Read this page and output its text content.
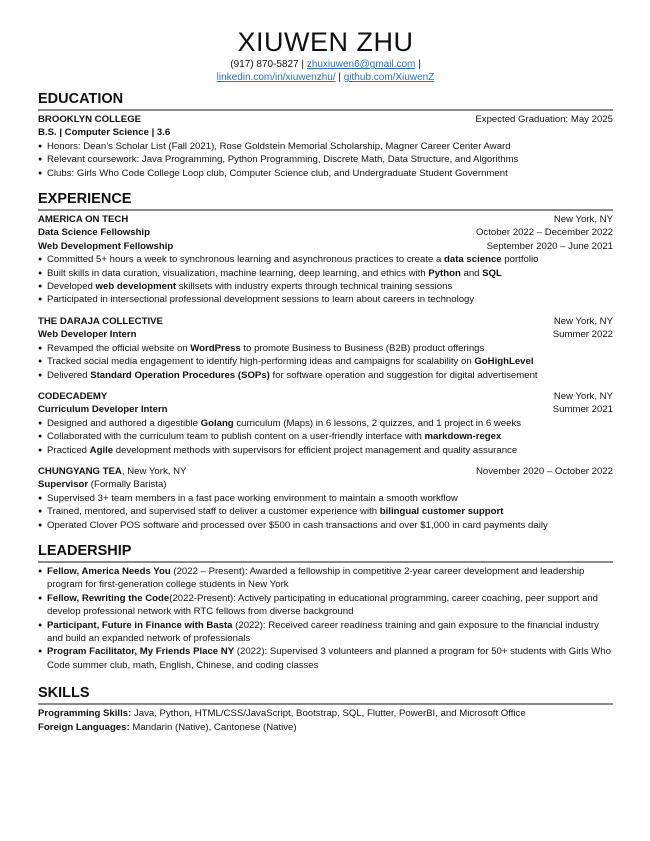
XIUWEN ZHU
(917) 870-5827 | zhuxiuwen6@gmail.com |
linkedin.com/in/xiuwenzhu/ | github.com/XiuwenZ
EDUCATION
BROOKLYN COLLEGE	Expected Graduation: May 2025
B.S. | Computer Science | 3.6
● Honors: Dean’s Scholar List (Fall 2021), Rose Goldstein Memorial Scholarship, Magner Career Center Award
● Relevant coursework: Java Programming, Python Programming, Discrete Math, Data Structure, and Algorithms
● Clubs: Girls Who Code College Loop club, Computer Science club, and Undergraduate Student Government
EXPERIENCE
AMERICA ON TECH	New York, NY
Data Science Fellowship	October 2022 – December 2022
Web Development Fellowship	September 2020 – June 2021
● Committed 5+ hours a week to synchronous learning and asynchronous practices to create a data science portfolio
● Built skills in data curation, visualization, machine learning, deep learning, and ethics with Python and SQL
● Developed web development skillsets with industry experts through technical training sessions
● Participated in intersectional professional development sessions to learn about careers in technology
THE DARAJA COLLECTIVE	New York, NY
Web Developer Intern	Summer 2022
● Revamped the official website on WordPress to promote Business to Business (B2B) product offerings
● Tracked social media engagement to identify high-performing ideas and campaigns for scalability on GoHighLevel
● Delivered Standard Operation Procedures (SOPs) for software operation and suggestion for digital advertisement
CODECADEMY	New York, NY
Curriculum Developer Intern	Summer 2021
● Designed and authored a digestible Golang curriculum (Maps) in 6 lessons, 2 quizzes, and 1 project in 6 weeks
● Collaborated with the curriculum team to publish content on a user-friendly interface with markdown-regex
● Practiced Agile development methods with supervisors for efficient project management and quality assurance
CHUNGYANG TEA, New York, NY	November 2020 – October 2022
Supervisor (Formally Barista)
● Supervised 3+ team members in a fast pace working environment to maintain a smooth workflow
● Trained, mentored, and supervised staff to deliver a customer experience with bilingual customer support
● Operated Clover POS software and processed over $500 in cash transactions and over $1,000 in card payments daily
LEADERSHIP
● Fellow, America Needs You (2022 – Present): Awarded a fellowship in competitive 2-year career development and leadership program for first-generation college students in New York
● Fellow, Rewriting the Code(2022-Present): Actively participating in educational programming, career coaching, peer support and develop professional network with RTC fellows from diverse background
● Participant, Future in Finance with Basta (2022): Received career readiness training and gain exposure to the financial industry and build an expanded network of professionals
● Program Facilitator, My Friends Place NY (2022): Supervised 3 volunteers and planned a program for 50+ students with Girls Who Code summer club, math, English, Chinese, and coding classes
SKILLS
Programming Skills: Java, Python, HTML/CSS/JavaScript, Bootstrap, SQL, Flutter, PowerBI, and Microsoft Office
Foreign Languages: Mandarin (Native), Cantonese (Native)
